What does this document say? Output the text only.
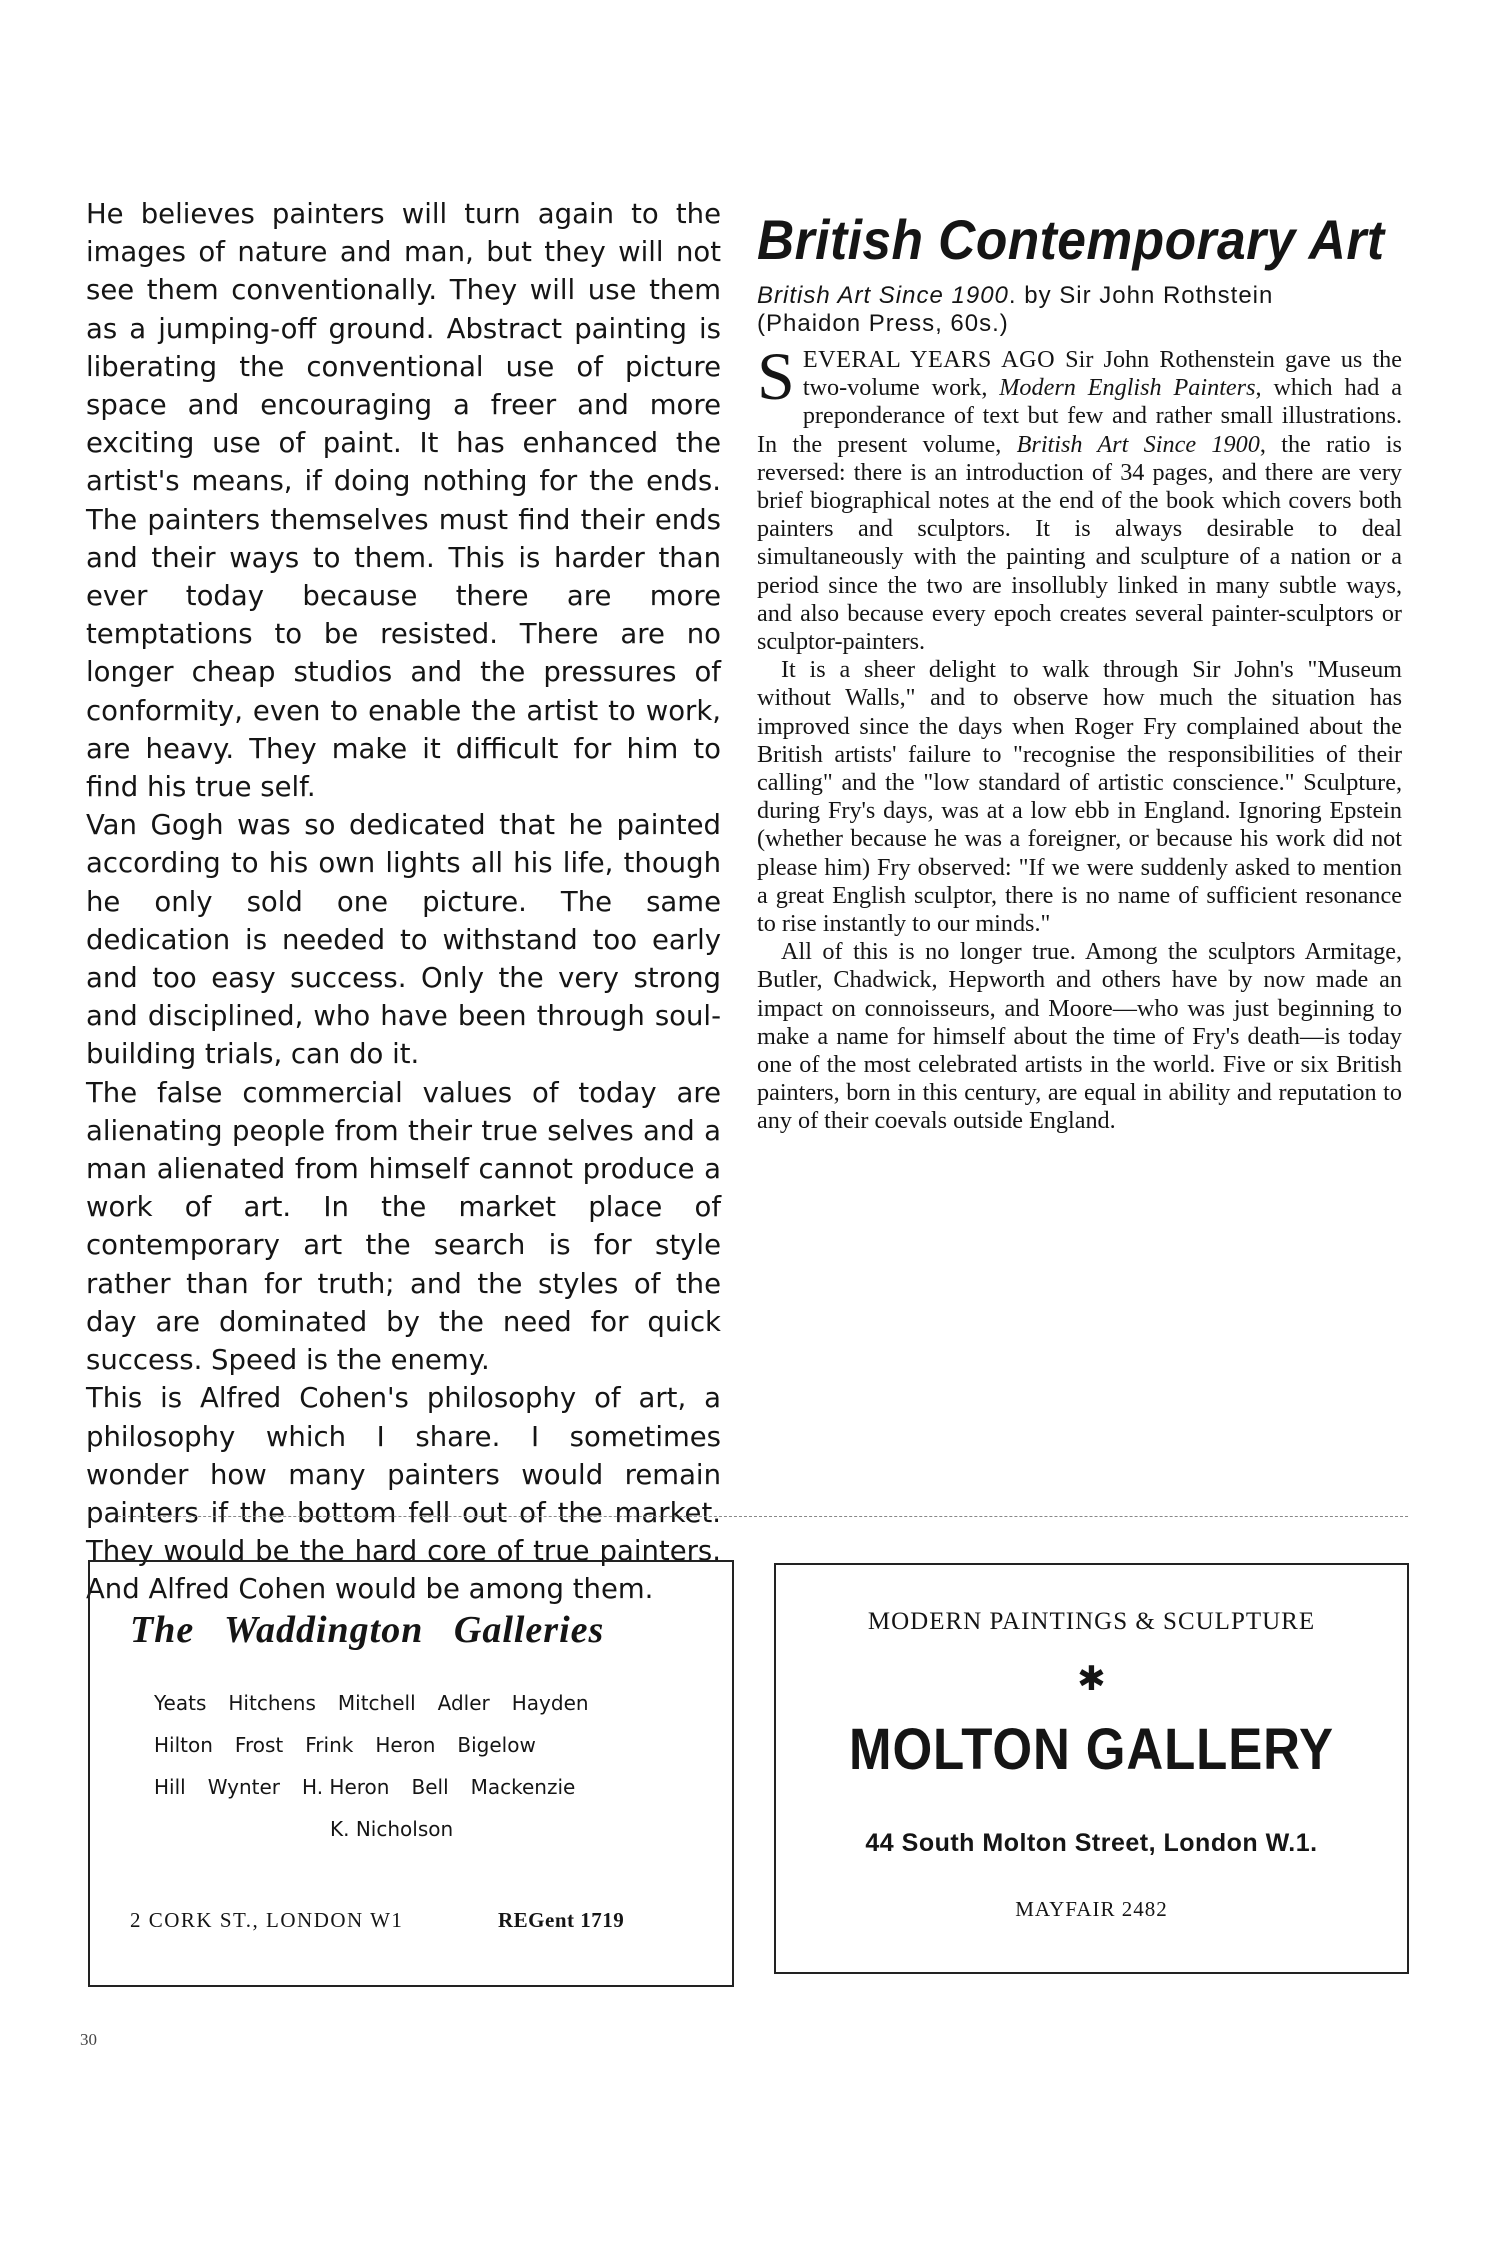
He believes painters will turn again to the images of nature and man, but they will not see them conventionally. They will use them as a jumping-off ground. Abstract painting is liberating the conventional use of picture space and encouraging a freer and more exciting use of paint. It has enhanced the artist's means, if doing nothing for the ends. The painters themselves must find their ends and their ways to them. This is harder than ever today because there are more temptations to be resisted. There are no longer cheap studios and the pressures of conformity, even to enable the artist to work, are heavy. They make it difficult for him to find his true self.

Van Gogh was so dedicated that he painted according to his own lights all his life, though he only sold one picture. The same dedication is needed to withstand too early and too easy success. Only the very strong and disciplined, who have been through soul-building trials, can do it.

The false commercial values of today are alienating people from their true selves and a man alienated from himself cannot produce a work of art. In the market place of contemporary art the search is for style rather than for truth; and the styles of the day are dominated by the need for quick success. Speed is the enemy.

This is Alfred Cohen's philosophy of art, a philosophy which I share. I sometimes wonder how many painters would remain painters if the bottom fell out of the market. They would be the hard core of true painters. And Alfred Cohen would be among them.

British Contemporary Art

British Art Since 1900. by Sir John Rothstein
(Phaidon Press, 60s.)

SEVERAL YEARS AGO Sir John Rothenstein gave us the two-volume work, Modern English Painters, which had a preponderance of text but few and rather small illustrations. In the present volume, British Art Since 1900, the ratio is reversed: there is an introduction of 34 pages, and there are very brief biographical notes at the end of the book which covers both painters and sculptors. It is always desirable to deal simultaneously with the painting and sculpture of a nation or a period since the two are insollubly linked in many subtle ways, and also because every epoch creates several painter-sculptors or sculptor-painters.

It is a sheer delight to walk through Sir John's "Museum without Walls," and to observe how much the situation has improved since the days when Roger Fry complained about the British artists' failure to "recognise the responsibilities of their calling" and the "low standard of artistic conscience." Sculpture, during Fry's days, was at a low ebb in England. Ignoring Epstein (whether because he was a foreigner, or because his work did not please him) Fry observed: "If we were suddenly asked to mention a great English sculptor, there is no name of sufficient resonance to rise instantly to our minds."

All of this is no longer true. Among the sculptors Armitage, Butler, Chadwick, Hepworth and others have by now made an impact on connoisseurs, and Moore—who was just beginning to make a name for himself about the time of Fry's death—is today one of the most celebrated artists in the world. Five or six British painters, born in this century, are equal in ability and reputation to any of their coevals outside England.

The Waddington Galleries
Yeats Hitchens Mitchell Adler Hayden
Hilton Frost Frink Heron Bigelow
Hill Wynter H. Heron Bell Mackenzie
K. Nicholson
2 CORK ST., LONDON W1	REGent 1719
MODERN PAINTINGS & SCULPTURE
✱
MOLTON GALLERY
44 South Molton Street, London W.1.
MAYFAIR 2482
30
